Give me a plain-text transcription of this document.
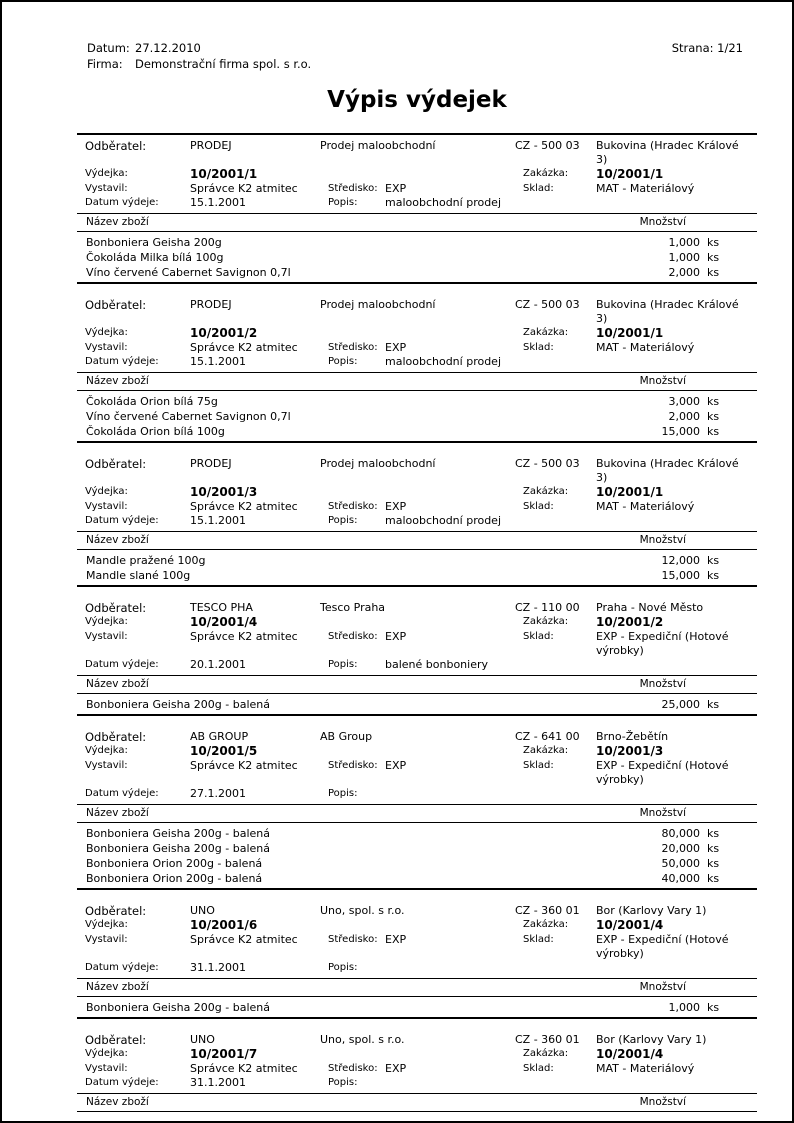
Datum: 27.12.2010
Firma:	Demonstrační firma spol. s r.o.
Strana: 1/21
Výpis výdejek
Odběratel:	PRODEJ	Prodej maloobchodní	CZ - 500 03	Bukovina (Hradec Králové 3)
Výdejka:	10/2001/1	Zakázka:	10/2001/1
Vystavil:	Správce K2 atmitec	Středisko: EXP	Sklad:	MAT - Materiálový
Datum výdeje:	15.1.2001	Popis:	maloobchodní prodej
Název zboží	Množství
Bonboniera Geisha 200g	1,000 ks
Čokoláda Milka bílá 100g	1,000 ks
Víno červené Cabernet Savignon 0,7l	2,000 ks
Odběratel:	PRODEJ	Prodej maloobchodní	CZ - 500 03	Bukovina (Hradec Králové 3)
Výdejka:	10/2001/2	Zakázka:	10/2001/1
Vystavil:	Správce K2 atmitec	Středisko: EXP	Sklad:	MAT - Materiálový
Datum výdeje:	15.1.2001	Popis:	maloobchodní prodej
Název zboží	Množství
Čokoláda Orion bílá 75g	3,000 ks
Víno červené Cabernet Savignon 0,7l	2,000 ks
Čokoláda Orion bílá 100g	15,000 ks
Odběratel:	PRODEJ	Prodej maloobchodní	CZ - 500 03	Bukovina (Hradec Králové 3)
Výdejka:	10/2001/3	Zakázka:	10/2001/1
Vystavil:	Správce K2 atmitec	Středisko: EXP	Sklad:	MAT - Materiálový
Datum výdeje:	15.1.2001	Popis:	maloobchodní prodej
Název zboží	Množství
Mandle pražené 100g	12,000 ks
Mandle slané 100g	15,000 ks
Odběratel:	TESCO PHA	Tesco Praha	CZ - 110 00	Praha - Nové Město
Výdejka:	10/2001/4	Zakázka:	10/2001/2
Vystavil:	Správce K2 atmitec	Středisko: EXP	Sklad:	EXP - Expediční (Hotové výrobky)
Datum výdeje:	20.1.2001	Popis:	balené bonboniery
Název zboží	Množství
Bonboniera Geisha 200g - balená	25,000 ks
Odběratel:	AB GROUP	AB Group	CZ - 641 00	Brno-Žebětín
Výdejka:	10/2001/5	Zakázka:	10/2001/3
Vystavil:	Správce K2 atmitec	Středisko: EXP	Sklad:	EXP - Expediční (Hotové výrobky)
Datum výdeje:	27.1.2001	Popis:
Název zboží	Množství
Bonboniera Geisha 200g - balená	80,000 ks
Bonboniera Geisha 200g - balená	20,000 ks
Bonboniera Orion 200g - balená	50,000 ks
Bonboniera Orion 200g - balená	40,000 ks
Odběratel:	UNO	Uno, spol. s r.o.	CZ - 360 01	Bor (Karlovy Vary 1)
Výdejka:	10/2001/6	Zakázka:	10/2001/4
Vystavil:	Správce K2 atmitec	Středisko: EXP	Sklad:	EXP - Expediční (Hotové výrobky)
Datum výdeje:	31.1.2001	Popis:
Název zboží	Množství
Bonboniera Geisha 200g - balená	1,000 ks
Odběratel:	UNO	Uno, spol. s r.o.	CZ - 360 01	Bor (Karlovy Vary 1)
Výdejka:	10/2001/7	Zakázka:	10/2001/4
Vystavil:	Správce K2 atmitec	Středisko: EXP	Sklad:	MAT - Materiálový
Datum výdeje:	31.1.2001	Popis:
Název zboží	Množství
